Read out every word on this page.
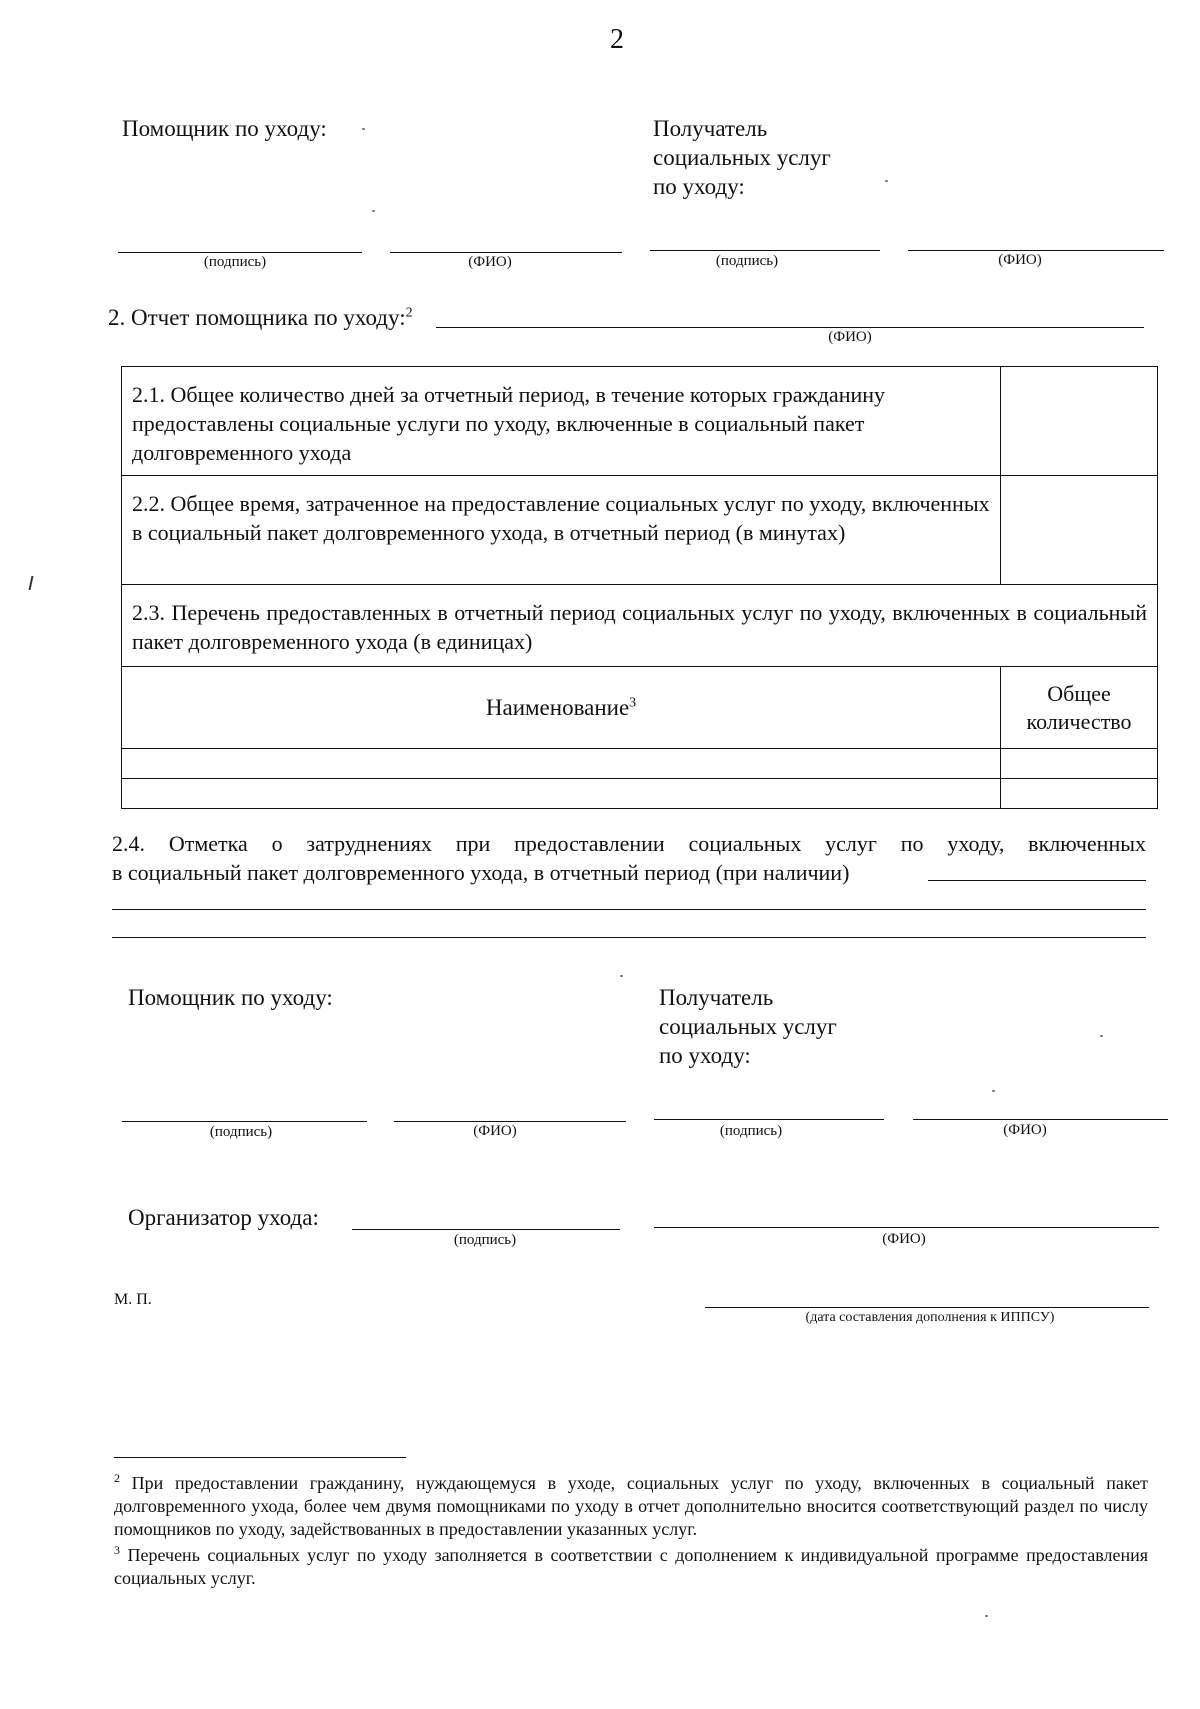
2
Помощник по уходу:	Получатель
социальных услуг
по уходу:
(подпись)	(ФИО)	(подпись)	(ФИО)
2. Отчет помощника по уходу:$^2$
(ФИО)
2.1. Общее количество дней за отчетный период, в течение которых гражданину предоставлены социальные услуги по уходу, включенные в социальный пакет долговременного ухода	

2.2. Общее время, затраченное на предоставление социальных услуг по уходу, включенных в социальный пакет долговременного ухода, в отчетный период (в минутах)	

2.3. Перечень предоставленных в отчетный период социальных услуг по уходу, включенных в социальный пакет долговременного ухода (в единицах)	

Наименование$^3$	Общее
количество

2.4. Отметка о затруднениях при предоставлении социальных услуг по уходу, включенных
в социальный пакет долговременного ухода, в отчетный период (при наличии)
Помощник по уходу:	Получатель
социальных услуг
по уходу:
(подпись)	(ФИО)	(подпись)	(ФИО)
Организатор ухода:
(подпись)	(ФИО)
М. П.
(дата составления дополнения к ИППСУ)
$^2$ При предоставлении гражданину, нуждающемуся в уходе, социальных услуг по уходу, включенных в социальный пакет долговременного ухода, более чем двумя помощниками по уходу в отчет дополнительно вносится соответствующий раздел по числу помощников по уходу, задействованных в предоставлении указанных услуг.
$^3$ Перечень социальных услуг по уходу заполняется в соответствии с дополнением к индивидуальной программе предоставления социальных услуг.
